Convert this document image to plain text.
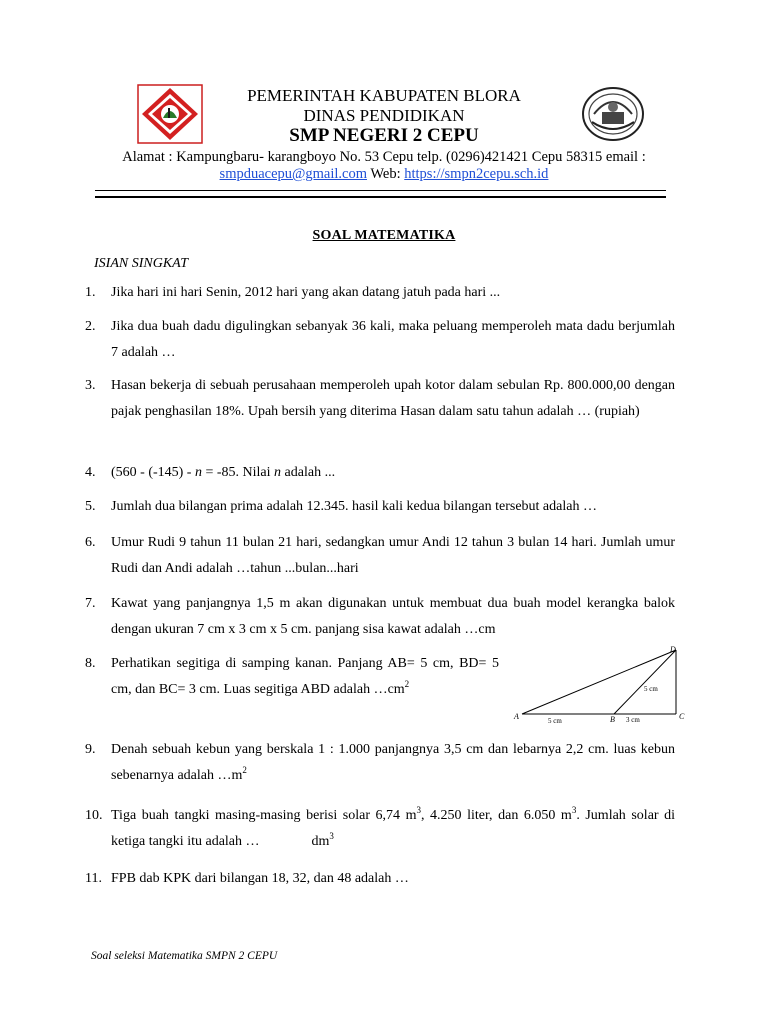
PEMERINTAH KABUPATEN BLORA
DINAS PENDIDIKAN
SMP NEGERI 2 CEPU
Alamat : Kampungbaru- karangboyo No. 53 Cepu telp. (0296)421421 Cepu 58315 email :
smpduacepu@gmail.com Web: https://smpn2cepu.sch.id
SOAL MATEMATIKA
ISIAN SINGKAT
1.	Jika hari ini hari Senin, 2012 hari yang akan datang jatuh pada hari ...
2.	Jika dua buah dadu digulingkan sebanyak 36 kali, maka peluang memperoleh mata dadu berjumlah 7 adalah …
3.	Hasan bekerja di sebuah perusahaan memperoleh upah kotor dalam sebulan Rp. 800.000,00 dengan pajak penghasilan 18%. Upah bersih yang diterima Hasan dalam satu tahun adalah … (rupiah)
4.	(560 - (-145) - n = -85. Nilai n adalah ...
5.	Jumlah dua bilangan prima adalah 12.345. hasil kali kedua bilangan tersebut adalah …
6.	Umur Rudi 9 tahun 11 bulan 21 hari, sedangkan umur Andi 12 tahun 3 bulan 14 hari. Jumlah umur Rudi dan Andi adalah …tahun ...bulan...hari
7.	Kawat yang panjangnya 1,5 m akan digunakan untuk membuat dua buah model kerangka balok dengan ukuran 7 cm x 3 cm x 5 cm. panjang sisa kawat adalah …cm
8.	Perhatikan segitiga di samping kanan. Panjang AB= 5 cm, BD= 5 cm, dan BC= 3 cm. Luas segitiga ABD adalah $\dots cm^2$
A	B	C
D
5 cm	3 cm
5 cm
9.	Denah sebuah kebun yang berskala 1 : 1.000 panjangnya 3,5 cm dan lebarnya 2,2 cm. luas kebun sebenarnya adalah $\dots m^2$
10. Tiga buah tangki masing-masing berisi solar 6,74 $m^3$, 4.250 liter, dan 6.050 $m^3$. Jumlah solar di ketiga tangki itu adalah …	$dm^3$
11. FPB dab KPK dari bilangan 18, 32, dan 48 adalah …
Soal seleksi Matematika SMPN 2 CEPU
